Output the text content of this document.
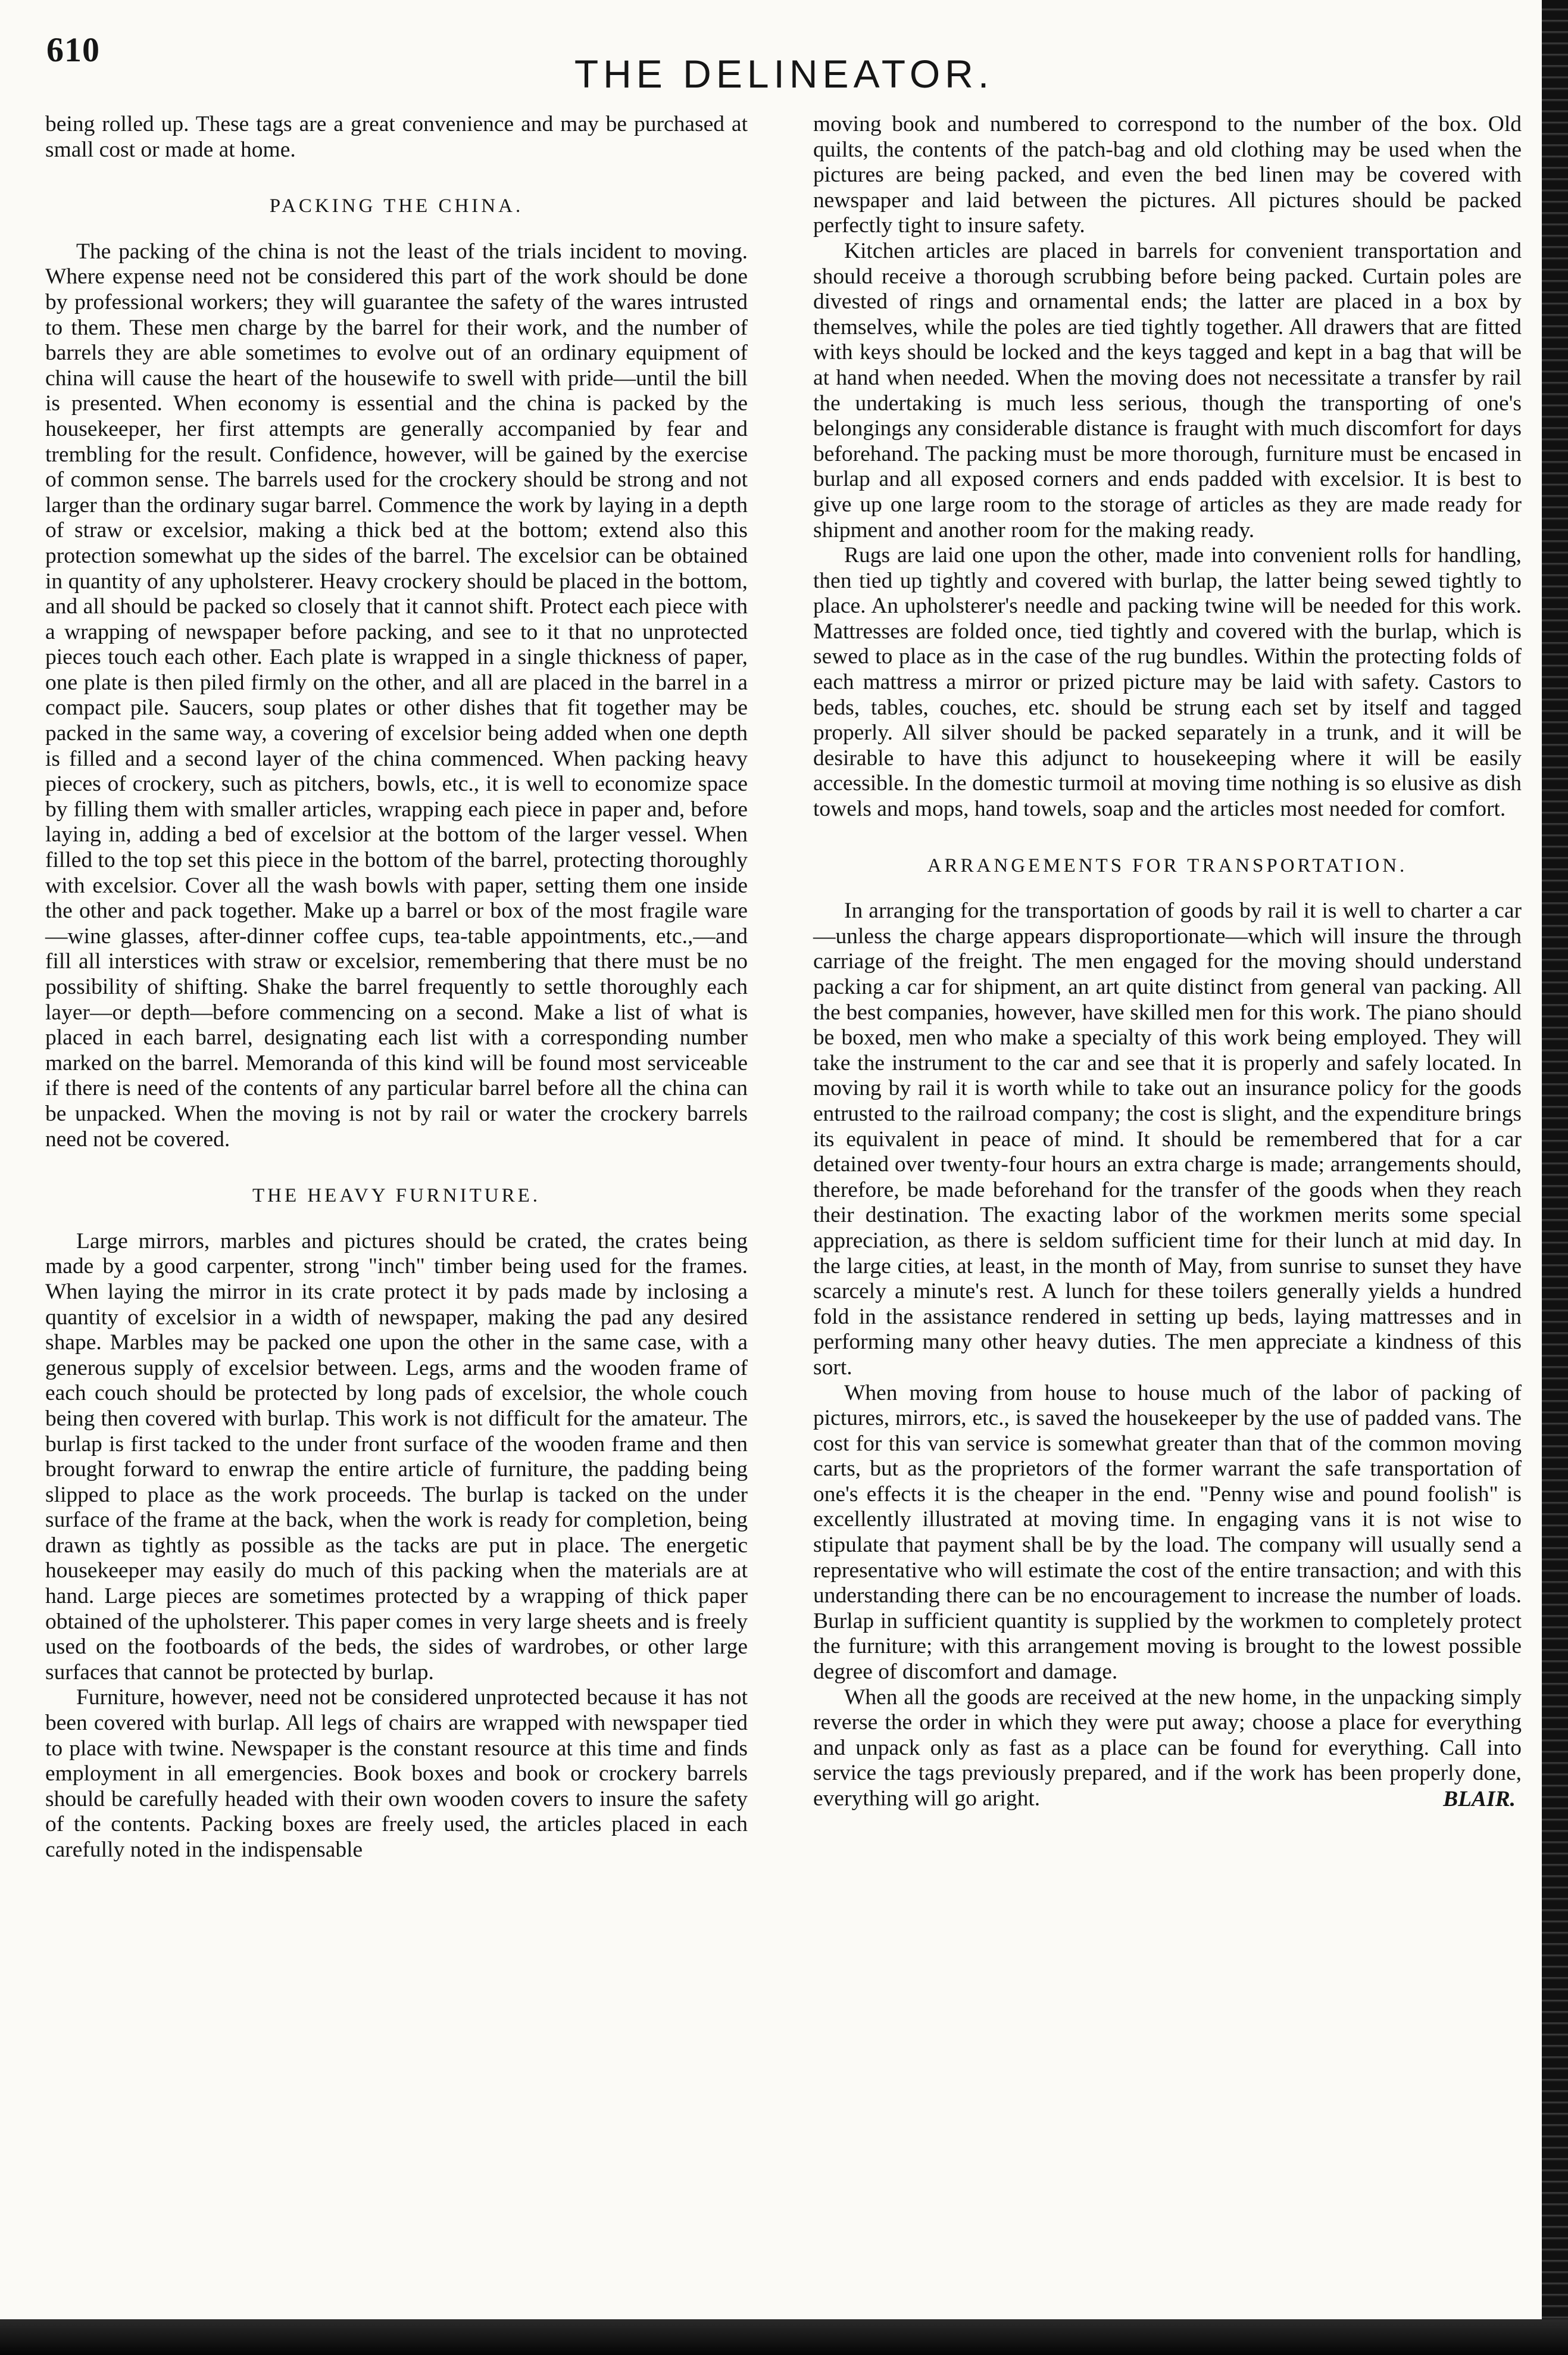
610
THE DELINEATOR.

being rolled up. These tags are a great convenience and may be purchased at small cost or made at home.

PACKING THE CHINA.

The packing of the china is not the least of the trials incident to moving. Where expense need not be considered this part of the work should be done by professional workers; they will guarantee the safety of the wares intrusted to them. These men charge by the barrel for their work, and the number of barrels they are able sometimes to evolve out of an ordinary equipment of china will cause the heart of the housewife to swell with pride—until the bill is presented. When economy is essential and the china is packed by the housekeeper, her first attempts are generally accompanied by fear and trembling for the result. Confidence, however, will be gained by the exercise of common sense. The barrels used for the crockery should be strong and not larger than the ordinary sugar barrel. Commence the work by laying in a depth of straw or excelsior, making a thick bed at the bottom; extend also this protection somewhat up the sides of the barrel. The excelsior can be obtained in quantity of any upholsterer. Heavy crockery should be placed in the bottom, and all should be packed so closely that it cannot shift. Protect each piece with a wrapping of newspaper before packing, and see to it that no unprotected pieces touch each other. Each plate is wrapped in a single thickness of paper, one plate is then piled firmly on the other, and all are placed in the barrel in a compact pile. Saucers, soup plates or other dishes that fit together may be packed in the same way, a covering of excelsior being added when one depth is filled and a second layer of the china commenced. When packing heavy pieces of crockery, such as pitchers, bowls, etc., it is well to economize space by filling them with smaller articles, wrapping each piece in paper and, before laying in, adding a bed of excelsior at the bottom of the larger vessel. When filled to the top set this piece in the bottom of the barrel, protecting thoroughly with excelsior. Cover all the wash bowls with paper, setting them one inside the other and pack together. Make up a barrel or box of the most fragile ware—wine glasses, after-dinner coffee cups, tea-table appointments, etc.,—and fill all interstices with straw or excelsior, remembering that there must be no possibility of shifting. Shake the barrel frequently to settle thoroughly each layer—or depth—before commencing on a second. Make a list of what is placed in each barrel, designating each list with a corresponding number marked on the barrel. Memoranda of this kind will be found most serviceable if there is need of the contents of any particular barrel before all the china can be unpacked. When the moving is not by rail or water the crockery barrels need not be covered.

THE HEAVY FURNITURE.

Large mirrors, marbles and pictures should be crated, the crates being made by a good carpenter, strong "inch" timber being used for the frames. When laying the mirror in its crate protect it by pads made by inclosing a quantity of excelsior in a width of newspaper, making the pad any desired shape. Marbles may be packed one upon the other in the same case, with a generous supply of excelsior between. Legs, arms and the wooden frame of each couch should be protected by long pads of excelsior, the whole couch being then covered with burlap. This work is not difficult for the amateur. The burlap is first tacked to the under front surface of the wooden frame and then brought forward to enwrap the entire article of furniture, the padding being slipped to place as the work proceeds. The burlap is tacked on the under surface of the frame at the back, when the work is ready for completion, being drawn as tightly as possible as the tacks are put in place. The energetic housekeeper may easily do much of this packing when the materials are at hand. Large pieces are sometimes protected by a wrapping of thick paper obtained of the upholsterer. This paper comes in very large sheets and is freely used on the footboards of the beds, the sides of wardrobes, or other large surfaces that cannot be protected by burlap.

Furniture, however, need not be considered unprotected because it has not been covered with burlap. All legs of chairs are wrapped with newspaper tied to place with twine. Newspaper is the constant resource at this time and finds employment in all emergencies. Book boxes and book or crockery barrels should be carefully headed with their own wooden covers to insure the safety of the contents. Packing boxes are freely used, the articles placed in each carefully noted in the indispensable

moving book and numbered to correspond to the number of the box. Old quilts, the contents of the patch-bag and old clothing may be used when the pictures are being packed, and even the bed linen may be covered with newspaper and laid between the pictures. All pictures should be packed perfectly tight to insure safety.

Kitchen articles are placed in barrels for convenient transportation and should receive a thorough scrubbing before being packed. Curtain poles are divested of rings and ornamental ends; the latter are placed in a box by themselves, while the poles are tied tightly together. All drawers that are fitted with keys should be locked and the keys tagged and kept in a bag that will be at hand when needed. When the moving does not necessitate a transfer by rail the undertaking is much less serious, though the transporting of one's belongings any considerable distance is fraught with much discomfort for days beforehand. The packing must be more thorough, furniture must be encased in burlap and all exposed corners and ends padded with excelsior. It is best to give up one large room to the storage of articles as they are made ready for shipment and another room for the making ready.

Rugs are laid one upon the other, made into convenient rolls for handling, then tied up tightly and covered with burlap, the latter being sewed tightly to place. An upholsterer's needle and packing twine will be needed for this work. Mattresses are folded once, tied tightly and covered with the burlap, which is sewed to place as in the case of the rug bundles. Within the protecting folds of each mattress a mirror or prized picture may be laid with safety. Castors to beds, tables, couches, etc. should be strung each set by itself and tagged properly. All silver should be packed separately in a trunk, and it will be desirable to have this adjunct to housekeeping where it will be easily accessible. In the domestic turmoil at moving time nothing is so elusive as dish towels and mops, hand towels, soap and the articles most needed for comfort.

ARRANGEMENTS FOR TRANSPORTATION.

In arranging for the transportation of goods by rail it is well to charter a car—unless the charge appears disproportionate—which will insure the through carriage of the freight. The men engaged for the moving should understand packing a car for shipment, an art quite distinct from general van packing. All the best companies, however, have skilled men for this work. The piano should be boxed, men who make a specialty of this work being employed. They will take the instrument to the car and see that it is properly and safely located. In moving by rail it is worth while to take out an insurance policy for the goods entrusted to the railroad company; the cost is slight, and the expenditure brings its equivalent in peace of mind. It should be remembered that for a car detained over twenty-four hours an extra charge is made; arrangements should, therefore, be made beforehand for the transfer of the goods when they reach their destination. The exacting labor of the workmen merits some special appreciation, as there is seldom sufficient time for their lunch at mid day. In the large cities, at least, in the month of May, from sunrise to sunset they have scarcely a minute's rest. A lunch for these toilers generally yields a hundred fold in the assistance rendered in setting up beds, laying mattresses and in performing many other heavy duties. The men appreciate a kindness of this sort.

When moving from house to house much of the labor of packing of pictures, mirrors, etc., is saved the housekeeper by the use of padded vans. The cost for this van service is somewhat greater than that of the common moving carts, but as the proprietors of the former warrant the safe transportation of one's effects it is the cheaper in the end. "Penny wise and pound foolish" is excellently illustrated at moving time. In engaging vans it is not wise to stipulate that payment shall be by the load. The company will usually send a representative who will estimate the cost of the entire transaction; and with this understanding there can be no encouragement to increase the number of loads. Burlap in sufficient quantity is supplied by the workmen to completely protect the furniture; with this arrangement moving is brought to the lowest possible degree of discomfort and damage.

When all the goods are received at the new home, in the unpacking simply reverse the order in which they were put away; choose a place for everything and unpack only as fast as a place can be found for everything. Call into service the tags previously prepared, and if the work has been properly done, everything will go aright.	BLAIR.
